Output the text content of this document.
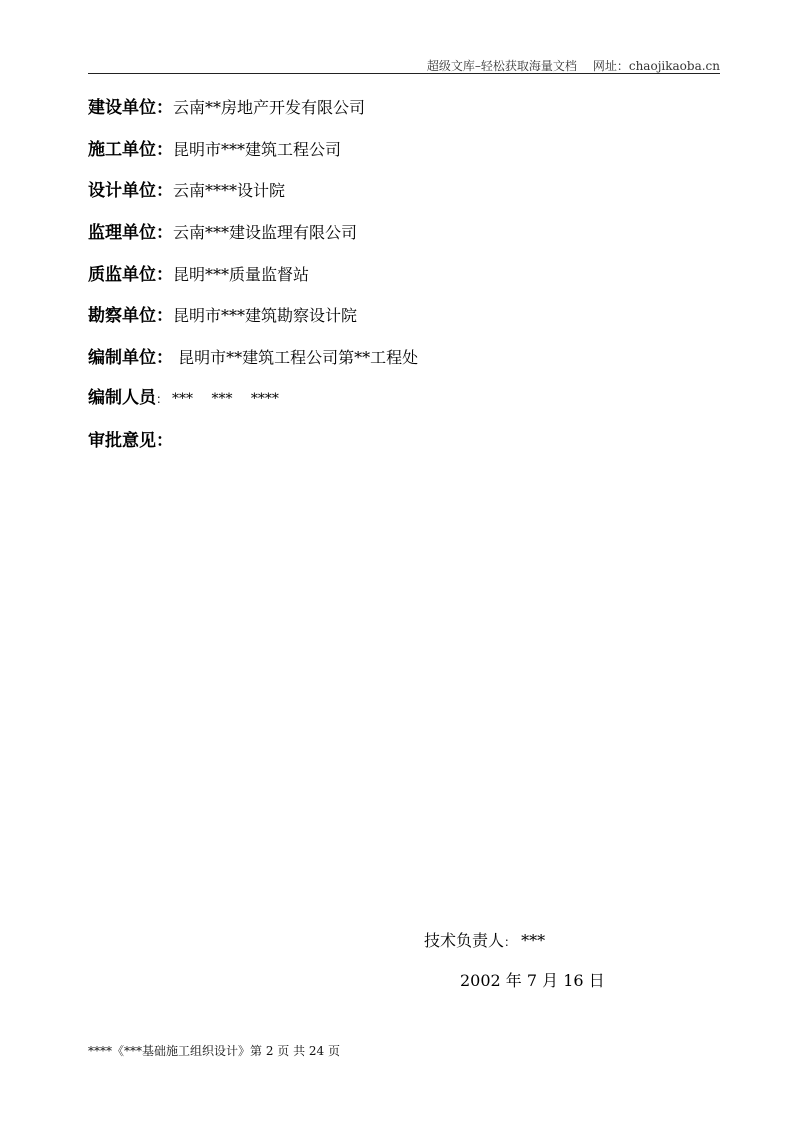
超级文库–轻松获取海量文档 网址：chaojikaoba.cn
建设单位：云南**房地产开发有限公司
施工单位：昆明市***建筑工程公司
设计单位：云南****设计院
监理单位：云南***建设监理有限公司
质监单位：昆明***质量监督站
勘察单位：昆明市***建筑勘察设计院
编制单位： 昆明市**建筑工程公司第**工程处
编制人员： *** *** ****
审批意见：
技术负责人： ***
2002 年 7 月 16 日
****《***基础施工组织设计》第 2 页 共 24 页
